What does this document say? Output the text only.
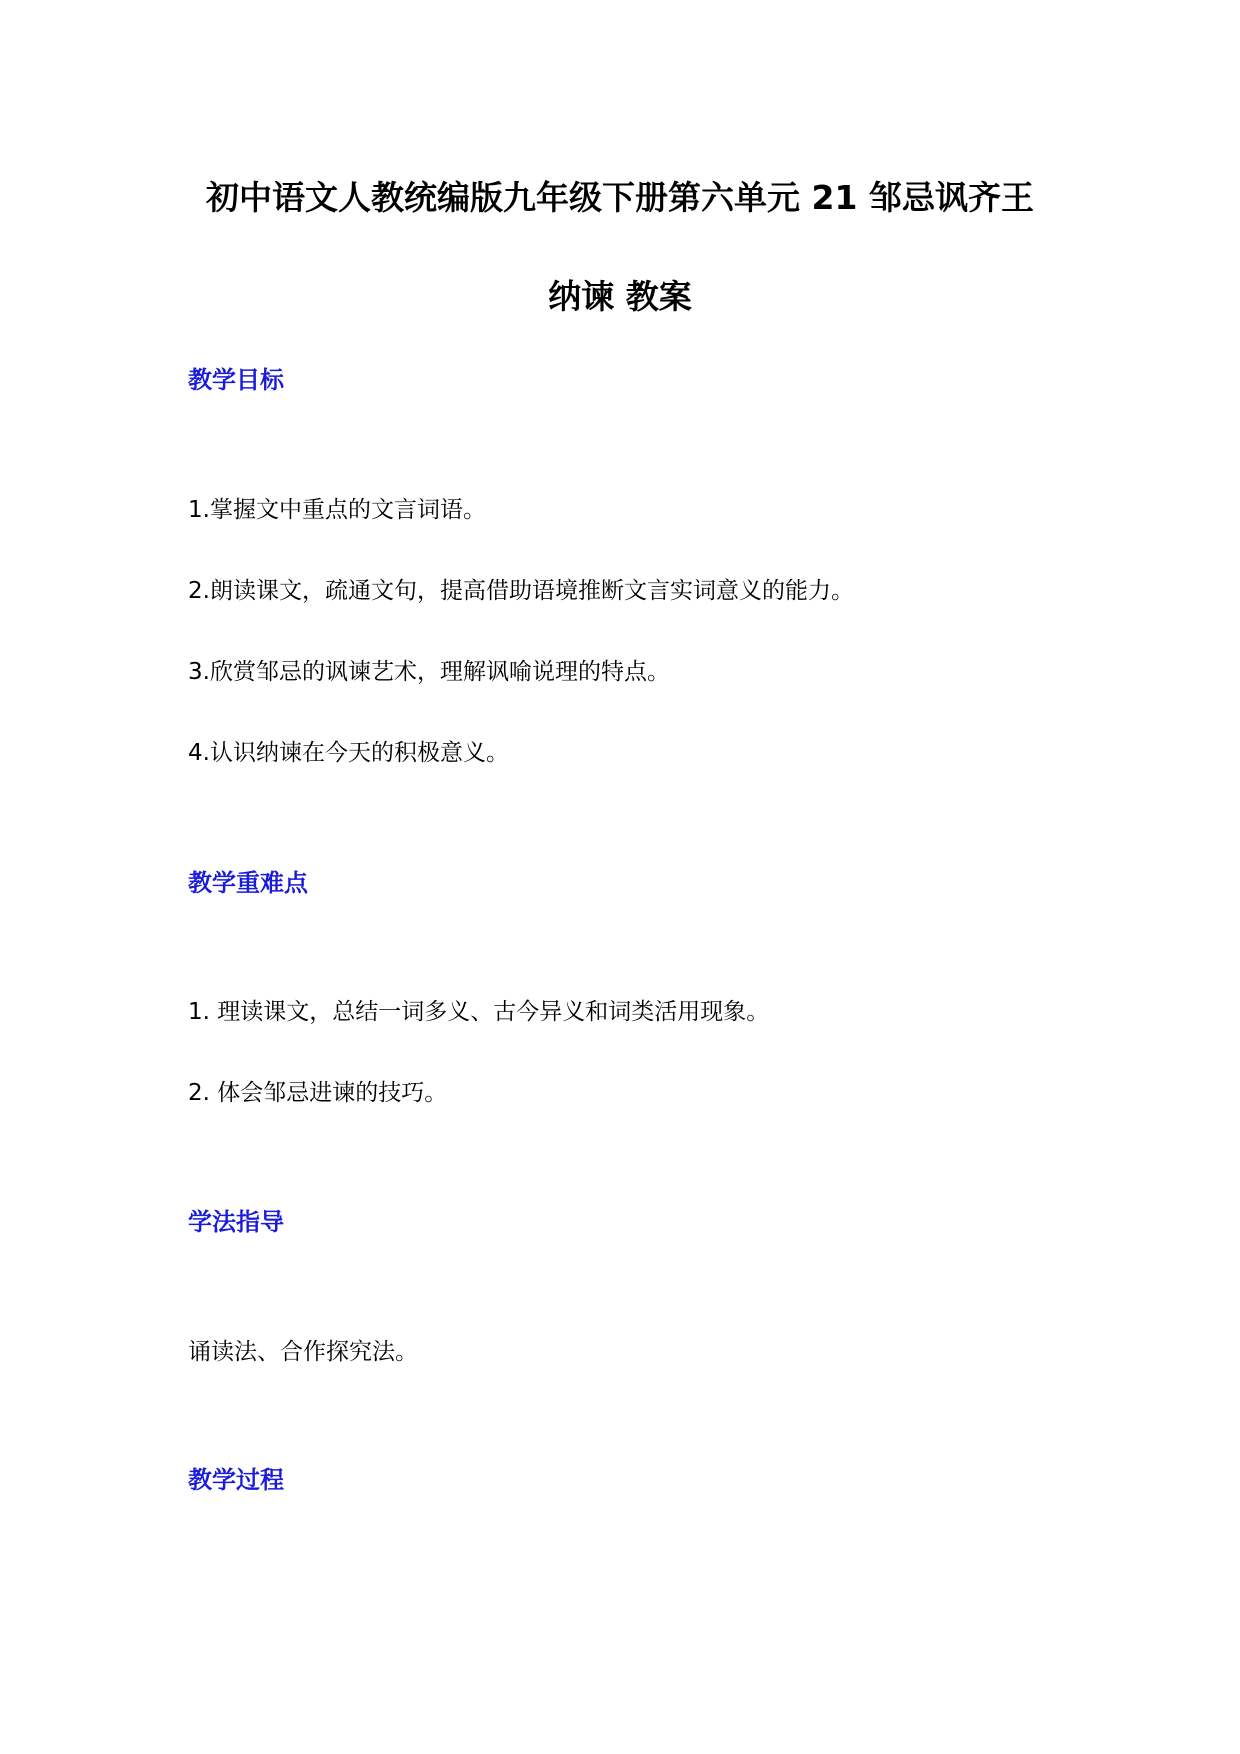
初中语文人教统编版九年级下册第六单元 21 邹忌讽齐王
纳谏 教案
教学目标
1.掌握文中重点的文言词语。
2.朗读课文，疏通文句，提高借助语境推断文言实词意义的能力。
3.欣赏邹忌的讽谏艺术，理解讽喻说理的特点。
4.认识纳谏在今天的积极意义。
教学重难点
1. 理读课文，总结一词多义、古今异义和词类活用现象。
2. 体会邹忌进谏的技巧。
学法指导
诵读法、合作探究法。
教学过程
